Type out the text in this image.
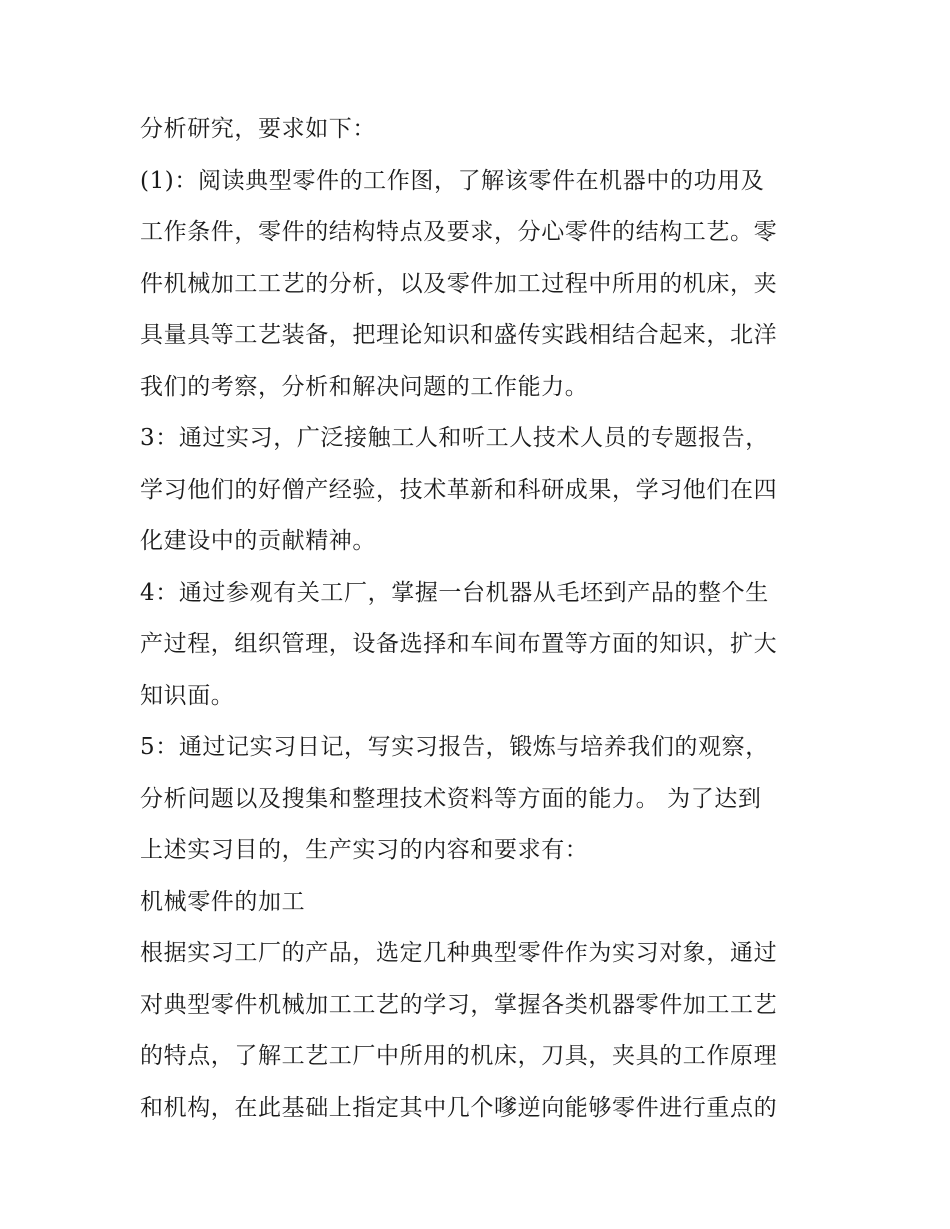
分析研究，要求如下：
(1)：阅读典型零件的工作图，了解该零件在机器中的功用及
工作条件，零件的结构特点及要求，分心零件的结构工艺。零
件机械加工工艺的分析，以及零件加工过程中所用的机床，夹
具量具等工艺装备，把理论知识和盛传实践相结合起来，北洋
我们的考察，分析和解决问题的工作能力。
3：通过实习，广泛接触工人和听工人技术人员的专题报告，
学习他们的好僧产经验，技术革新和科研成果，学习他们在四
化建设中的贡献精神。
4：通过参观有关工厂，掌握一台机器从毛坯到产品的整个生
产过程，组织管理，设备选择和车间布置等方面的知识，扩大
知识面。
5：通过记实习日记，写实习报告，锻炼与培养我们的观察，
分析问题以及搜集和整理技术资料等方面的能力。 为了达到
上述实习目的，生产实习的内容和要求有：
机械零件的加工
根据实习工厂的产品，选定几种典型零件作为实习对象，通过
对典型零件机械加工工艺的学习，掌握各类机器零件加工工艺
的特点，了解工艺工厂中所用的机床，刀具，夹具的工作原理
和机构，在此基础上指定其中几个嗲逆向能够零件进行重点的
